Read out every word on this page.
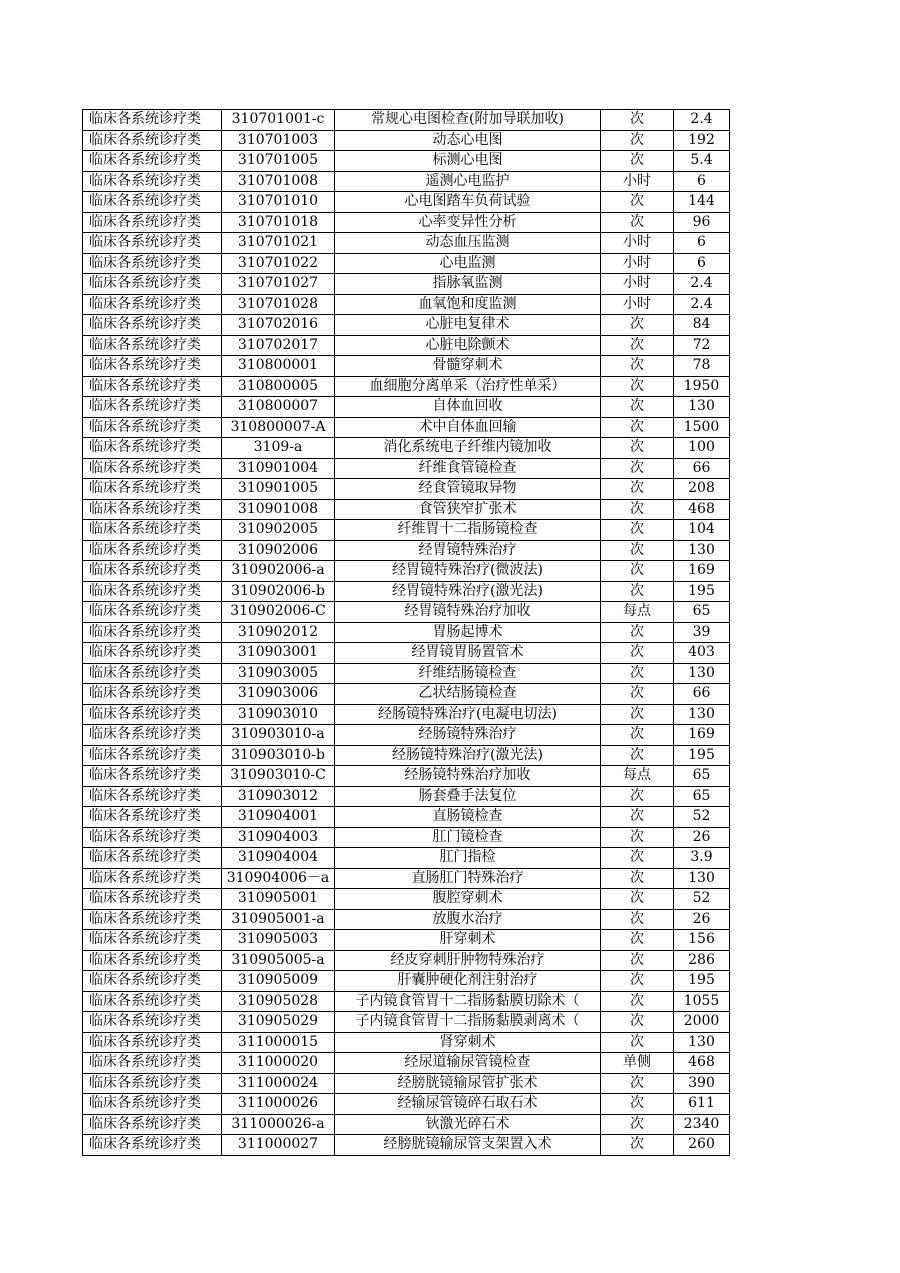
临床各系统诊疗类	310701001-c	常规心电图检查(附加导联加收)	次	2.4
临床各系统诊疗类	310701003	动态心电图	次	192
临床各系统诊疗类	310701005	标测心电图	次	5.4
临床各系统诊疗类	310701008	遥测心电监护	小时	6
临床各系统诊疗类	310701010	心电图踏车负荷试验	次	144
临床各系统诊疗类	310701018	心率变异性分析	次	96
临床各系统诊疗类	310701021	动态血压监测	小时	6
临床各系统诊疗类	310701022	心电监测	小时	6
临床各系统诊疗类	310701027	指脉氧监测	小时	2.4
临床各系统诊疗类	310701028	血氧饱和度监测	小时	2.4
临床各系统诊疗类	310702016	心脏电复律术	次	84
临床各系统诊疗类	310702017	心脏电除颤术	次	72
临床各系统诊疗类	310800001	骨髓穿刺术	次	78
临床各系统诊疗类	310800005	血细胞分离单采（治疗性单采）	次	1950
临床各系统诊疗类	310800007	自体血回收	次	130
临床各系统诊疗类	310800007-A	术中自体血回输	次	1500
临床各系统诊疗类	3109-a	消化系统电子纤维内镜加收	次	100
临床各系统诊疗类	310901004	纤维食管镜检查	次	66
临床各系统诊疗类	310901005	经食管镜取异物	次	208
临床各系统诊疗类	310901008	食管狭窄扩张术	次	468
临床各系统诊疗类	310902005	纤维胃十二指肠镜检查	次	104
临床各系统诊疗类	310902006	经胃镜特殊治疗	次	130
临床各系统诊疗类	310902006-a	经胃镜特殊治疗(微波法)	次	169
临床各系统诊疗类	310902006-b	经胃镜特殊治疗(激光法)	次	195
临床各系统诊疗类	310902006-C	经胃镜特殊治疗加收	每点	65
临床各系统诊疗类	310902012	胃肠起博术	次	39
临床各系统诊疗类	310903001	经胃镜胃肠置管术	次	403
临床各系统诊疗类	310903005	纤维结肠镜检查	次	130
临床各系统诊疗类	310903006	乙状结肠镜检查	次	66
临床各系统诊疗类	310903010	经肠镜特殊治疗(电凝电切法)	次	130
临床各系统诊疗类	310903010-a	经肠镜特殊治疗	次	169
临床各系统诊疗类	310903010-b	经肠镜特殊治疗(激光法)	次	195
临床各系统诊疗类	310903010-C	经肠镜特殊治疗加收	每点	65
临床各系统诊疗类	310903012	肠套叠手法复位	次	65
临床各系统诊疗类	310904001	直肠镜检查	次	52
临床各系统诊疗类	310904003	肛门镜检查	次	26
临床各系统诊疗类	310904004	肛门指检	次	3.9
临床各系统诊疗类	310904006－a	直肠肛门特殊治疗	次	130
临床各系统诊疗类	310905001	腹腔穿刺术	次	52
临床各系统诊疗类	310905001-a	放腹水治疗	次	26
临床各系统诊疗类	310905003	肝穿刺术	次	156
临床各系统诊疗类	310905005-a	经皮穿刺肝肿物特殊治疗	次	286
临床各系统诊疗类	310905009	肝囊肿硬化剂注射治疗	次	195
临床各系统诊疗类	310905028	子内镜食管胃十二指肠黏膜切除术（	次	1055
临床各系统诊疗类	310905029	子内镜食管胃十二指肠黏膜剥离术（	次	2000
临床各系统诊疗类	311000015	肾穿刺术	次	130
临床各系统诊疗类	311000020	经尿道输尿管镜检查	单侧	468
临床各系统诊疗类	311000024	经膀胱镜输尿管扩张术	次	390
临床各系统诊疗类	311000026	经输尿管镜碎石取石术	次	611
临床各系统诊疗类	311000026-a	钬激光碎石术	次	2340
临床各系统诊疗类	311000027	经膀胱镜输尿管支架置入术	次	260
